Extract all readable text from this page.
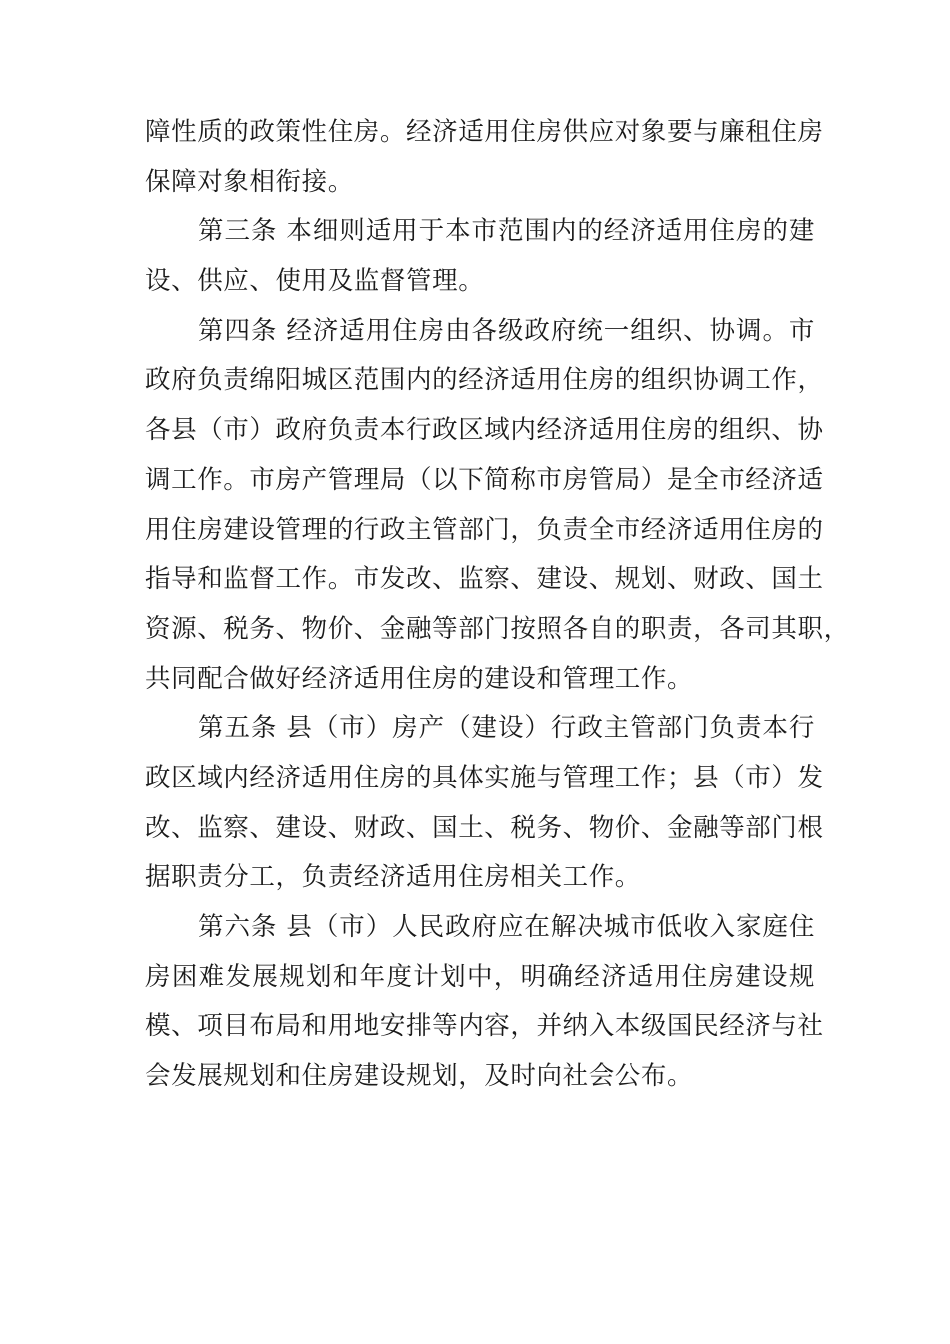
障性质的政策性住房。经济适用住房供应对象要与廉租住房
保障对象相衔接。
第三条 本细则适用于本市范围内的经济适用住房的建
设、供应、使用及监督管理。
第四条 经济适用住房由各级政府统一组织、协调。市
政府负责绵阳城区范围内的经济适用住房的组织协调工作，
各县（市）政府负责本行政区域内经济适用住房的组织、协
调工作。市房产管理局（以下简称市房管局）是全市经济适
用住房建设管理的行政主管部门，负责全市经济适用住房的
指导和监督工作。市发改、监察、建设、规划、财政、国土
资源、税务、物价、金融等部门按照各自的职责，各司其职，
共同配合做好经济适用住房的建设和管理工作。
第五条 县（市）房产（建设）行政主管部门负责本行
政区域内经济适用住房的具体实施与管理工作；县（市）发
改、监察、建设、财政、国土、税务、物价、金融等部门根
据职责分工，负责经济适用住房相关工作。
第六条 县（市）人民政府应在解决城市低收入家庭住
房困难发展规划和年度计划中，明确经济适用住房建设规
模、项目布局和用地安排等内容，并纳入本级国民经济与社
会发展规划和住房建设规划，及时向社会公布。
